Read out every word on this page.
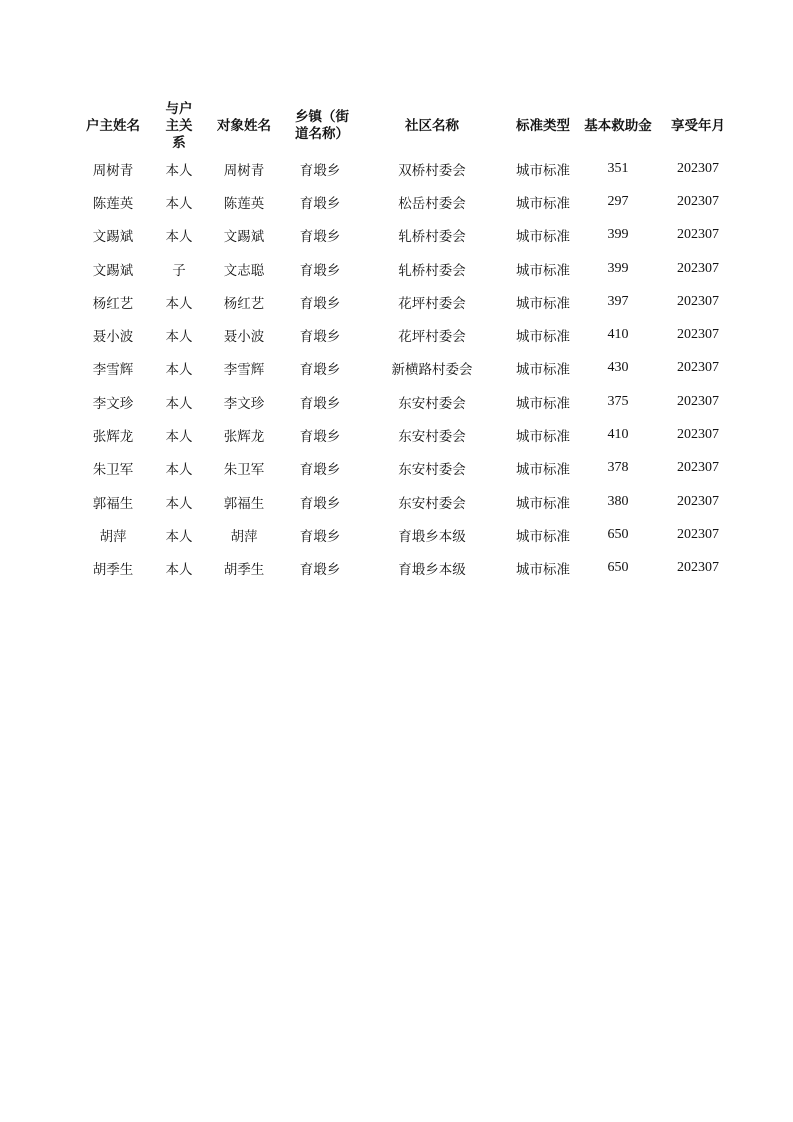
户主姓名	与户主关系	对象姓名	乡镇（街道名称）	社区名称	标准类型	基本救助金	享受年月
周树青	本人	周树青	育塅乡	双桥村委会	城市标准	351	202307
陈莲英	本人	陈莲英	育塅乡	松岳村委会	城市标准	297	202307
文踢斌	本人	文踢斌	育塅乡	轧桥村委会	城市标准	399	202307
文踢斌	子	文志聪	育塅乡	轧桥村委会	城市标准	399	202307
杨红艺	本人	杨红艺	育塅乡	花坪村委会	城市标准	397	202307
聂小波	本人	聂小波	育塅乡	花坪村委会	城市标准	410	202307
李雪辉	本人	李雪辉	育塅乡	新横路村委会	城市标准	430	202307
李文珍	本人	李文珍	育塅乡	东安村委会	城市标准	375	202307
张辉龙	本人	张辉龙	育塅乡	东安村委会	城市标准	410	202307
朱卫军	本人	朱卫军	育塅乡	东安村委会	城市标准	378	202307
郭福生	本人	郭福生	育塅乡	东安村委会	城市标准	380	202307
胡萍	本人	胡萍	育塅乡	育塅乡本级	城市标准	650	202307
胡季生	本人	胡季生	育塅乡	育塅乡本级	城市标准	650	202307
